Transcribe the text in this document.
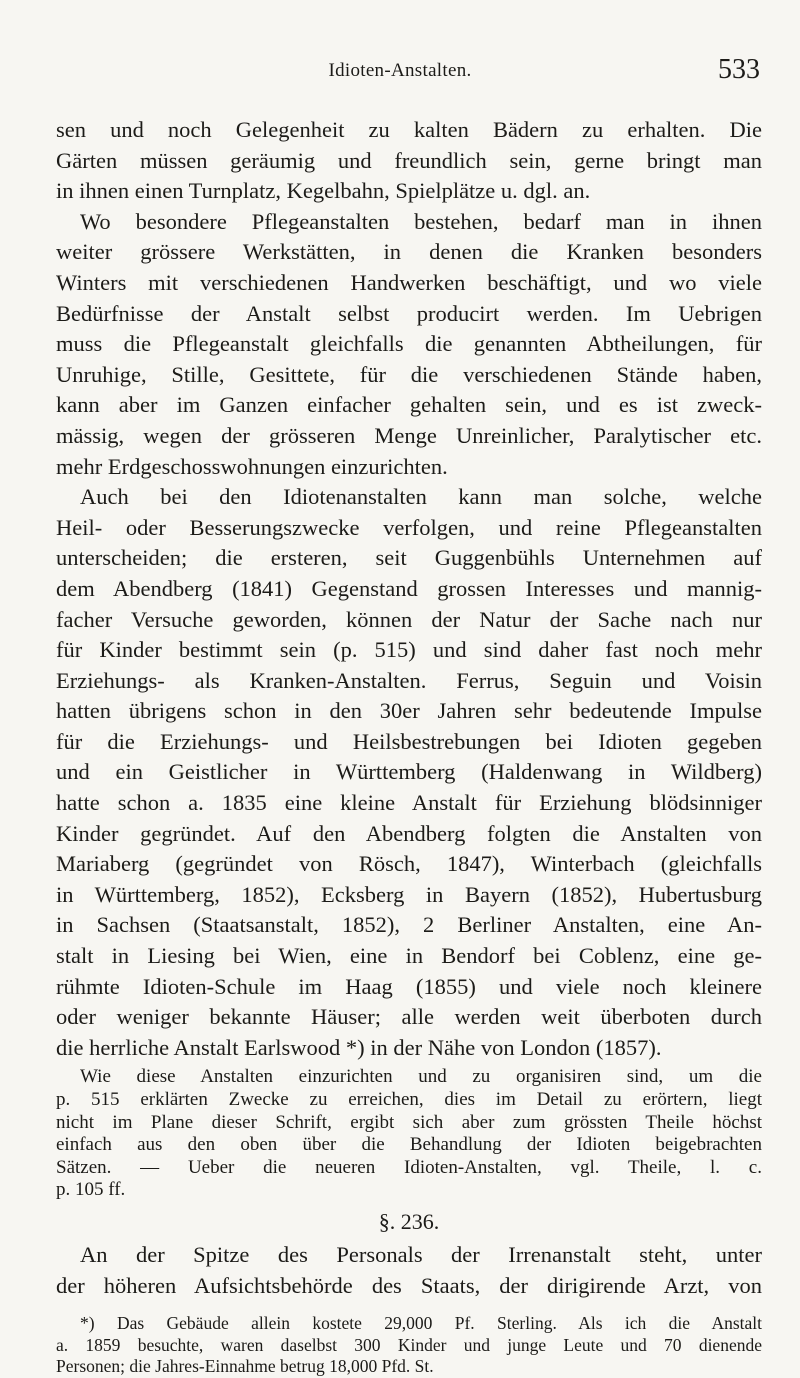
Idioten-Anstalten.	533
sen und noch Gelegenheit zu kalten Bädern zu erhalten. Die
Gärten müssen geräumig und freundlich sein, gerne bringt man
in ihnen einen Turnplatz, Kegelbahn, Spielplätze u. dgl. an.
Wo besondere Pflegeanstalten bestehen, bedarf man in ihnen
weiter grössere Werkstätten, in denen die Kranken besonders
Winters mit verschiedenen Handwerken beschäftigt, und wo viele
Bedürfnisse der Anstalt selbst producirt werden. Im Uebrigen
muss die Pflegeanstalt gleichfalls die genannten Abtheilungen, für
Unruhige, Stille, Gesittete, für die verschiedenen Stände haben,
kann aber im Ganzen einfacher gehalten sein, und es ist zweck-
mässig, wegen der grösseren Menge Unreinlicher, Paralytischer etc.
mehr Erdgeschosswohnungen einzurichten.
Auch bei den Idiotenanstalten kann man solche, welche
Heil- oder Besserungszwecke verfolgen, und reine Pflegeanstalten
unterscheiden; die ersteren, seit Guggenbühls Unternehmen auf
dem Abendberg (1841) Gegenstand grossen Interesses und mannig-
facher Versuche geworden, können der Natur der Sache nach nur
für Kinder bestimmt sein (p. 515) und sind daher fast noch mehr
Erziehungs- als Kranken-Anstalten. Ferrus, Seguin und Voisin
hatten übrigens schon in den 30er Jahren sehr bedeutende Impulse
für die Erziehungs- und Heilsbestrebungen bei Idioten gegeben
und ein Geistlicher in Württemberg (Haldenwang in Wildberg)
hatte schon a. 1835 eine kleine Anstalt für Erziehung blödsinniger
Kinder gegründet. Auf den Abendberg folgten die Anstalten von
Mariaberg (gegründet von Rösch, 1847), Winterbach (gleichfalls
in Württemberg, 1852), Ecksberg in Bayern (1852), Hubertusburg
in Sachsen (Staatsanstalt, 1852), 2 Berliner Anstalten, eine An-
stalt in Liesing bei Wien, eine in Bendorf bei Coblenz, eine ge-
rühmte Idioten-Schule im Haag (1855) und viele noch kleinere
oder weniger bekannte Häuser; alle werden weit überboten durch
die herrliche Anstalt Earlswood *) in der Nähe von London (1857).
Wie diese Anstalten einzurichten und zu organisiren sind, um die
p. 515 erklärten Zwecke zu erreichen, dies im Detail zu erörtern, liegt
nicht im Plane dieser Schrift, ergibt sich aber zum grössten Theile höchst
einfach aus den oben über die Behandlung der Idioten beigebrachten
Sätzen. — Ueber die neueren Idioten-Anstalten, vgl. Theile, l. c.
p. 105 ff.
§. 236.
An der Spitze des Personals der Irrenanstalt steht, unter
der höheren Aufsichtsbehörde des Staats, der dirigirende Arzt, von
*) Das Gebäude allein kostete 29,000 Pf. Sterling. Als ich die Anstalt
a. 1859 besuchte, waren daselbst 300 Kinder und junge Leute und 70 dienende
Personen; die Jahres-Einnahme betrug 18,000 Pfd. St.
